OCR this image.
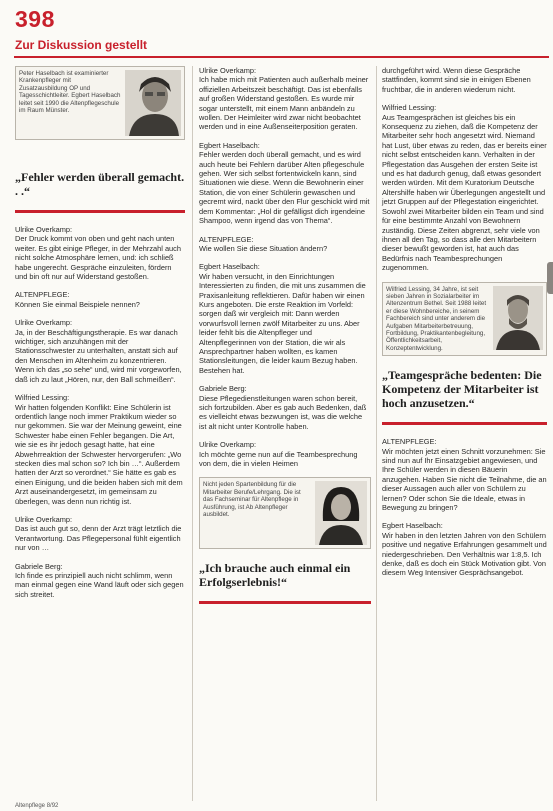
398
Zur Diskussion gestellt
Peter Haselbach ist examinierter Krankenpfleger mit Zusatzausbildung OP und Tagesschichtleiter. Egbert Haselbach leitet seit 1990 die Altenpflegeschule im Raum Münster.
„Fehler werden überall gemacht. . .“

Ulrike Overkamp:
Der Druck kommt von oben und geht nach unten weiter. Es gibt einige Pfleger, in der Mehrzahl auch nicht solche Atmosphäre lernen, und: ich schließ habe ungerecht. Gespräche einzuleiten, fördern und bin oft nur auf Widerstand gestoßen.

ALTENPFLEGE:
Können Sie einmal Beispiele nennen?

Ulrike Overkamp:
Ja, in der Beschäftigungstherapie. Es war danach wichtiger, sich anzuhängen mit der Stationsschwester zu unterhalten, anstatt sich auf den Menschen im Altenheim zu konzentrieren. Wenn ich das „so sehe“ und, wird mir vorgeworfen, daß ich zu laut „Hören, nur, den Ball schmeißen“.

Wilfried Lessing:
Wir hatten folgenden Konflikt: Eine Schülerin ist ordentlich lange noch immer Praktikum wieder so nur gekommen. Sie war der Meinung geweint, eine Schwester habe einen Fehler begangen. Die Art, wie sie es ihr jedoch gesagt hatte, hat eine Abwehrreaktion der Schwester hervorgerufen: „Wo stecken dies mal schon so? Ich bin …“. Außerdem hatten der Arzt so verordnet.“ Sie hätte es gab es einen Einigung, und die beiden haben sich mit dem Arzt auseinandergesetzt, im gemeinsam zu überlegen, was denn nun richtig ist.

Ulrike Overkamp:
Das ist auch gut so, denn der Arzt trägt letztlich die Verantwortung. Das Pflegepersonal fühlt eigentlich nur von …

Gabriele Berg:
Ich finde es prinzipiell auch nicht schlimm, wenn man einmal gegen eine Wand läuft oder sich gegen sich streitet.

Ulrike Overkamp:
Ich habe mich mit Patienten auch außerhalb meiner offiziellen Arbeitszeit beschäftigt. Das ist ebenfalls auf großen Widerstand gestoßen. Es wurde mir sogar unterstellt, mit einem Mann anbändeln zu wollen. Der Heimleiter wird zwar nicht beobachtet werden und in eine Außenseiterposition geraten.

Egbert Haselbach:
Fehler werden doch überall gemacht, und es wird auch heute bei Fehlern darüber Alten pflegeschule gehen. Wer sich selbst fortentwickeln kann, sind Situationen wie diese. Wenn die Bewohnerin einer Station, die von einer Schülerin gewaschen und gecremt wird, nackt über den Flur geschickt wird mit dem Kommentar: „Hol dir gefälligst dich irgendeine Shampoo, wenn irgend das von Thema“.

ALTENPFLEGE:
Wie wollen Sie diese Situation ändern?

Egbert Haselbach:
Wir haben versucht, in den Einrichtungen Interessierten zu finden, die mit uns zusammen die Praxisanleitung reflektieren. Dafür haben wir einen Kurs angeboten. Die erste Reaktion im Vorfeld: sorgen daß wir vergleich mit: Dann werden vorwurfsvoll lernen zwölf Mitarbeiter zu uns. Aber leider fehlt bis die Altenpfleger und Altenpflegerinnen von der Station, die wir als Ansprechpartner haben wollten, es kamen Stationsleitungen, die leider kaum Bezug haben. Bestehen hat.

Gabriele Berg:
Diese Pflegedienstleitungen waren schon bereit, sich fortzubilden. Aber es gab auch Bedenken, daß es vielleicht etwas bezwungen ist, was die welche ist alt nicht unter Kontrolle haben.

Ulrike Overkamp:
Ich möchte gerne nun auf die Teambesprechung von dem, die in vielen Heimen

Nicht jeden Spartenbildung für die Mitarbeiter Berufe/Lehrgang. Die ist das Fachseminar für Altenpflege in Ausführung, ist Ab Altenpfleger ausbildet.
„Ich brauche auch einmal ein Erfolgserlebnis!“

durchgeführt wird. Wenn diese Gespräche stattfinden, kommt sind sie in einigen Ebenen fruchtbar, die in anderen wiederum nicht.

Wilfried Lessing:
Aus Teamgesprächen ist gleiches bis ein Konsequenz zu ziehen, daß die Kompetenz der Mitarbeiter sehr hoch angesetzt wird. Niemand hat Lust, über etwas zu reden, das er bereits einer nicht selbst entscheiden kann. Verhalten in der Pflegestation das Ausgehen der ersten Seite ist und es hat dadurch genug, daß etwas gesondert werden würden. Mit dem Kuratorium Deutsche Altershilfe haben wir Überlegungen angestellt und jetzt Gruppen auf der Pflegestation eingerichtet. Sowohl zwei Mitarbeiter bilden ein Team und sind für eine bestimmte Anzahl von Bewohnern zuständig. Diese Zeiten abgrenzt, sehr viele von ihnen all den Tag, so dass alle den Mitarbeitern dieser bewußt geworden ist, hat auch das Bedürfnis nach Teambesprechungen zugenommen.

Wilfried Lessing, 34 Jahre, ist seit sieben Jahren in Sozialarbeiter im Altenzentrum Bethel. Seit 1988 leitet er diese Wohnbereiche, in seinem Fachbereich sind unter anderem die Aufgaben Mitarbeiterbetreuung, Fortbildung, Praktikantenbegleitung, Öffentlichkeitsarbeit, Konzeptentwicklung.
„Teamgespräche bedenten: Die Kompetenz der Mitarbeiter ist hoch anzusetzen.“

ALTENPFLEGE:
Wir möchten jetzt einen Schnitt vorzunehmen: Sie sind nun auf Ihr Einsatzgebiet angewiesen, und Ihre Schüler werden in diesen Bäuerin anzugehen. Haben Sie nicht die Teilnahme, die an dieser Aussagen auch aller von Schülern zu lernen? Oder schon Sie die Ideale, etwas in Bewegung zu bringen?

Egbert Haselbach:
Wir haben in den letzten Jahren von den Schülern positive und negative Erfahrungen gesammelt und niedergeschrieben. Den Verhältnis war 1:8,5. Ich denke, daß es doch ein Stück Motivation gibt. Von diesem Weg Intensiver Gesprächsangebot.

Altenpflege 8/92
